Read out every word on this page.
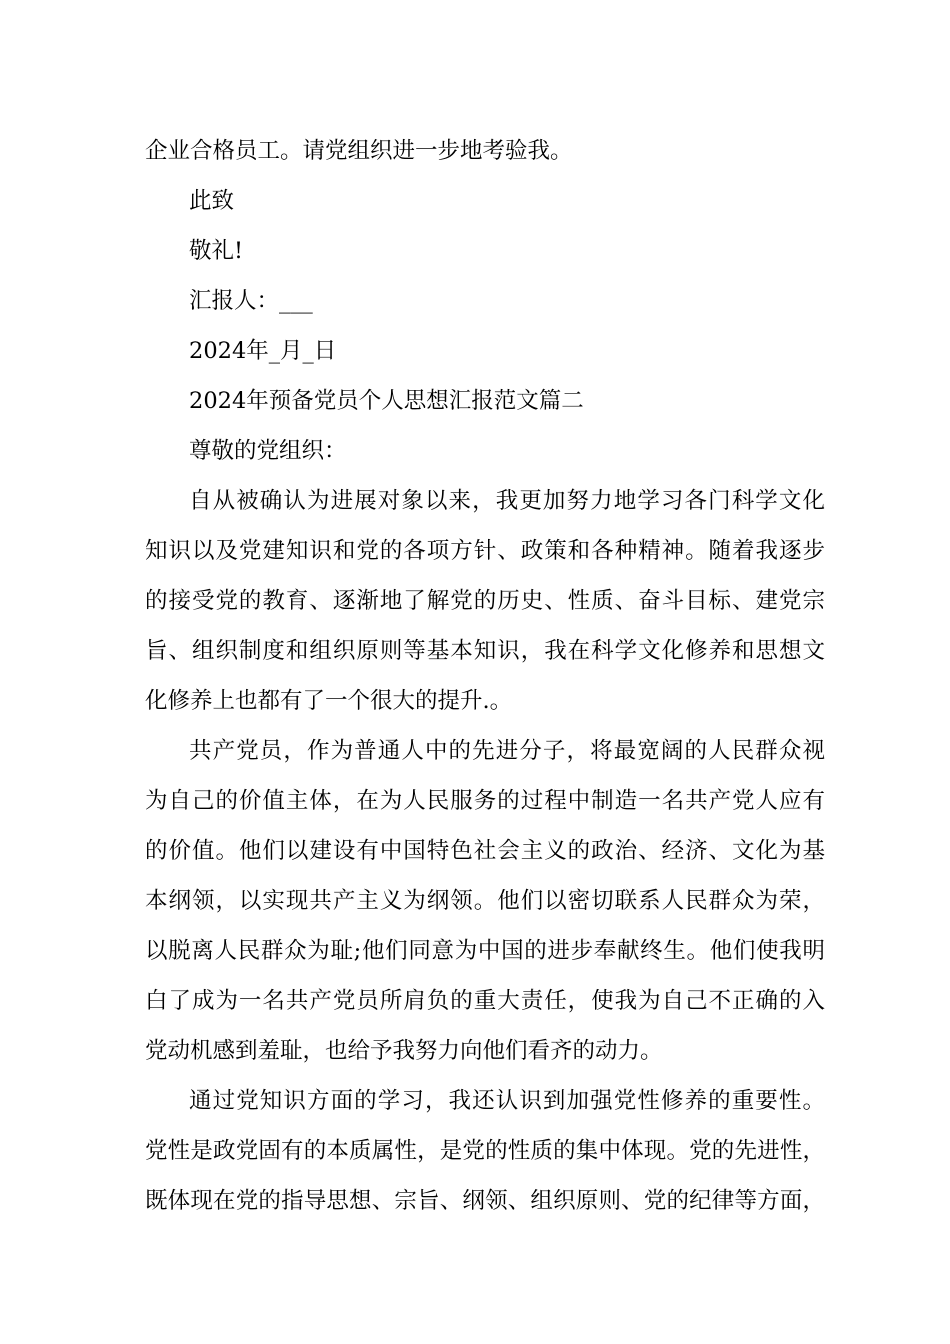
企业合格员工。请党组织进一步地考验我。

此致

敬礼!

汇报人：___

2024年_月_日

2024年预备党员个人思想汇报范文篇二

尊敬的党组织：

自从被确认为进展对象以来，我更加努力地学习各门科学文化

知识以及党建知识和党的各项方针、政策和各种精神。随着我逐步

的接受党的教育、逐渐地了解党的历史、性质、奋斗目标、建党宗

旨、组织制度和组织原则等基本知识，我在科学文化修养和思想文

化修养上也都有了一个很大的提升.。

共产党员，作为普通人中的先进分子，将最宽阔的人民群众视

为自己的价值主体，在为人民服务的过程中制造一名共产党人应有

的价值。他们以建设有中国特色社会主义的政治、经济、文化为基

本纲领，以实现共产主义为纲领。他们以密切联系人民群众为荣，

以脱离人民群众为耻;他们同意为中国的进步奉献终生。他们使我明

白了成为一名共产党员所肩负的重大责任，使我为自己不正确的入

党动机感到羞耻，也给予我努力向他们看齐的动力。

通过党知识方面的学习，我还认识到加强党性修养的重要性。

党性是政党固有的本质属性，是党的性质的集中体现。党的先进性，

既体现在党的指导思想、宗旨、纲领、组织原则、党的纪律等方面，
